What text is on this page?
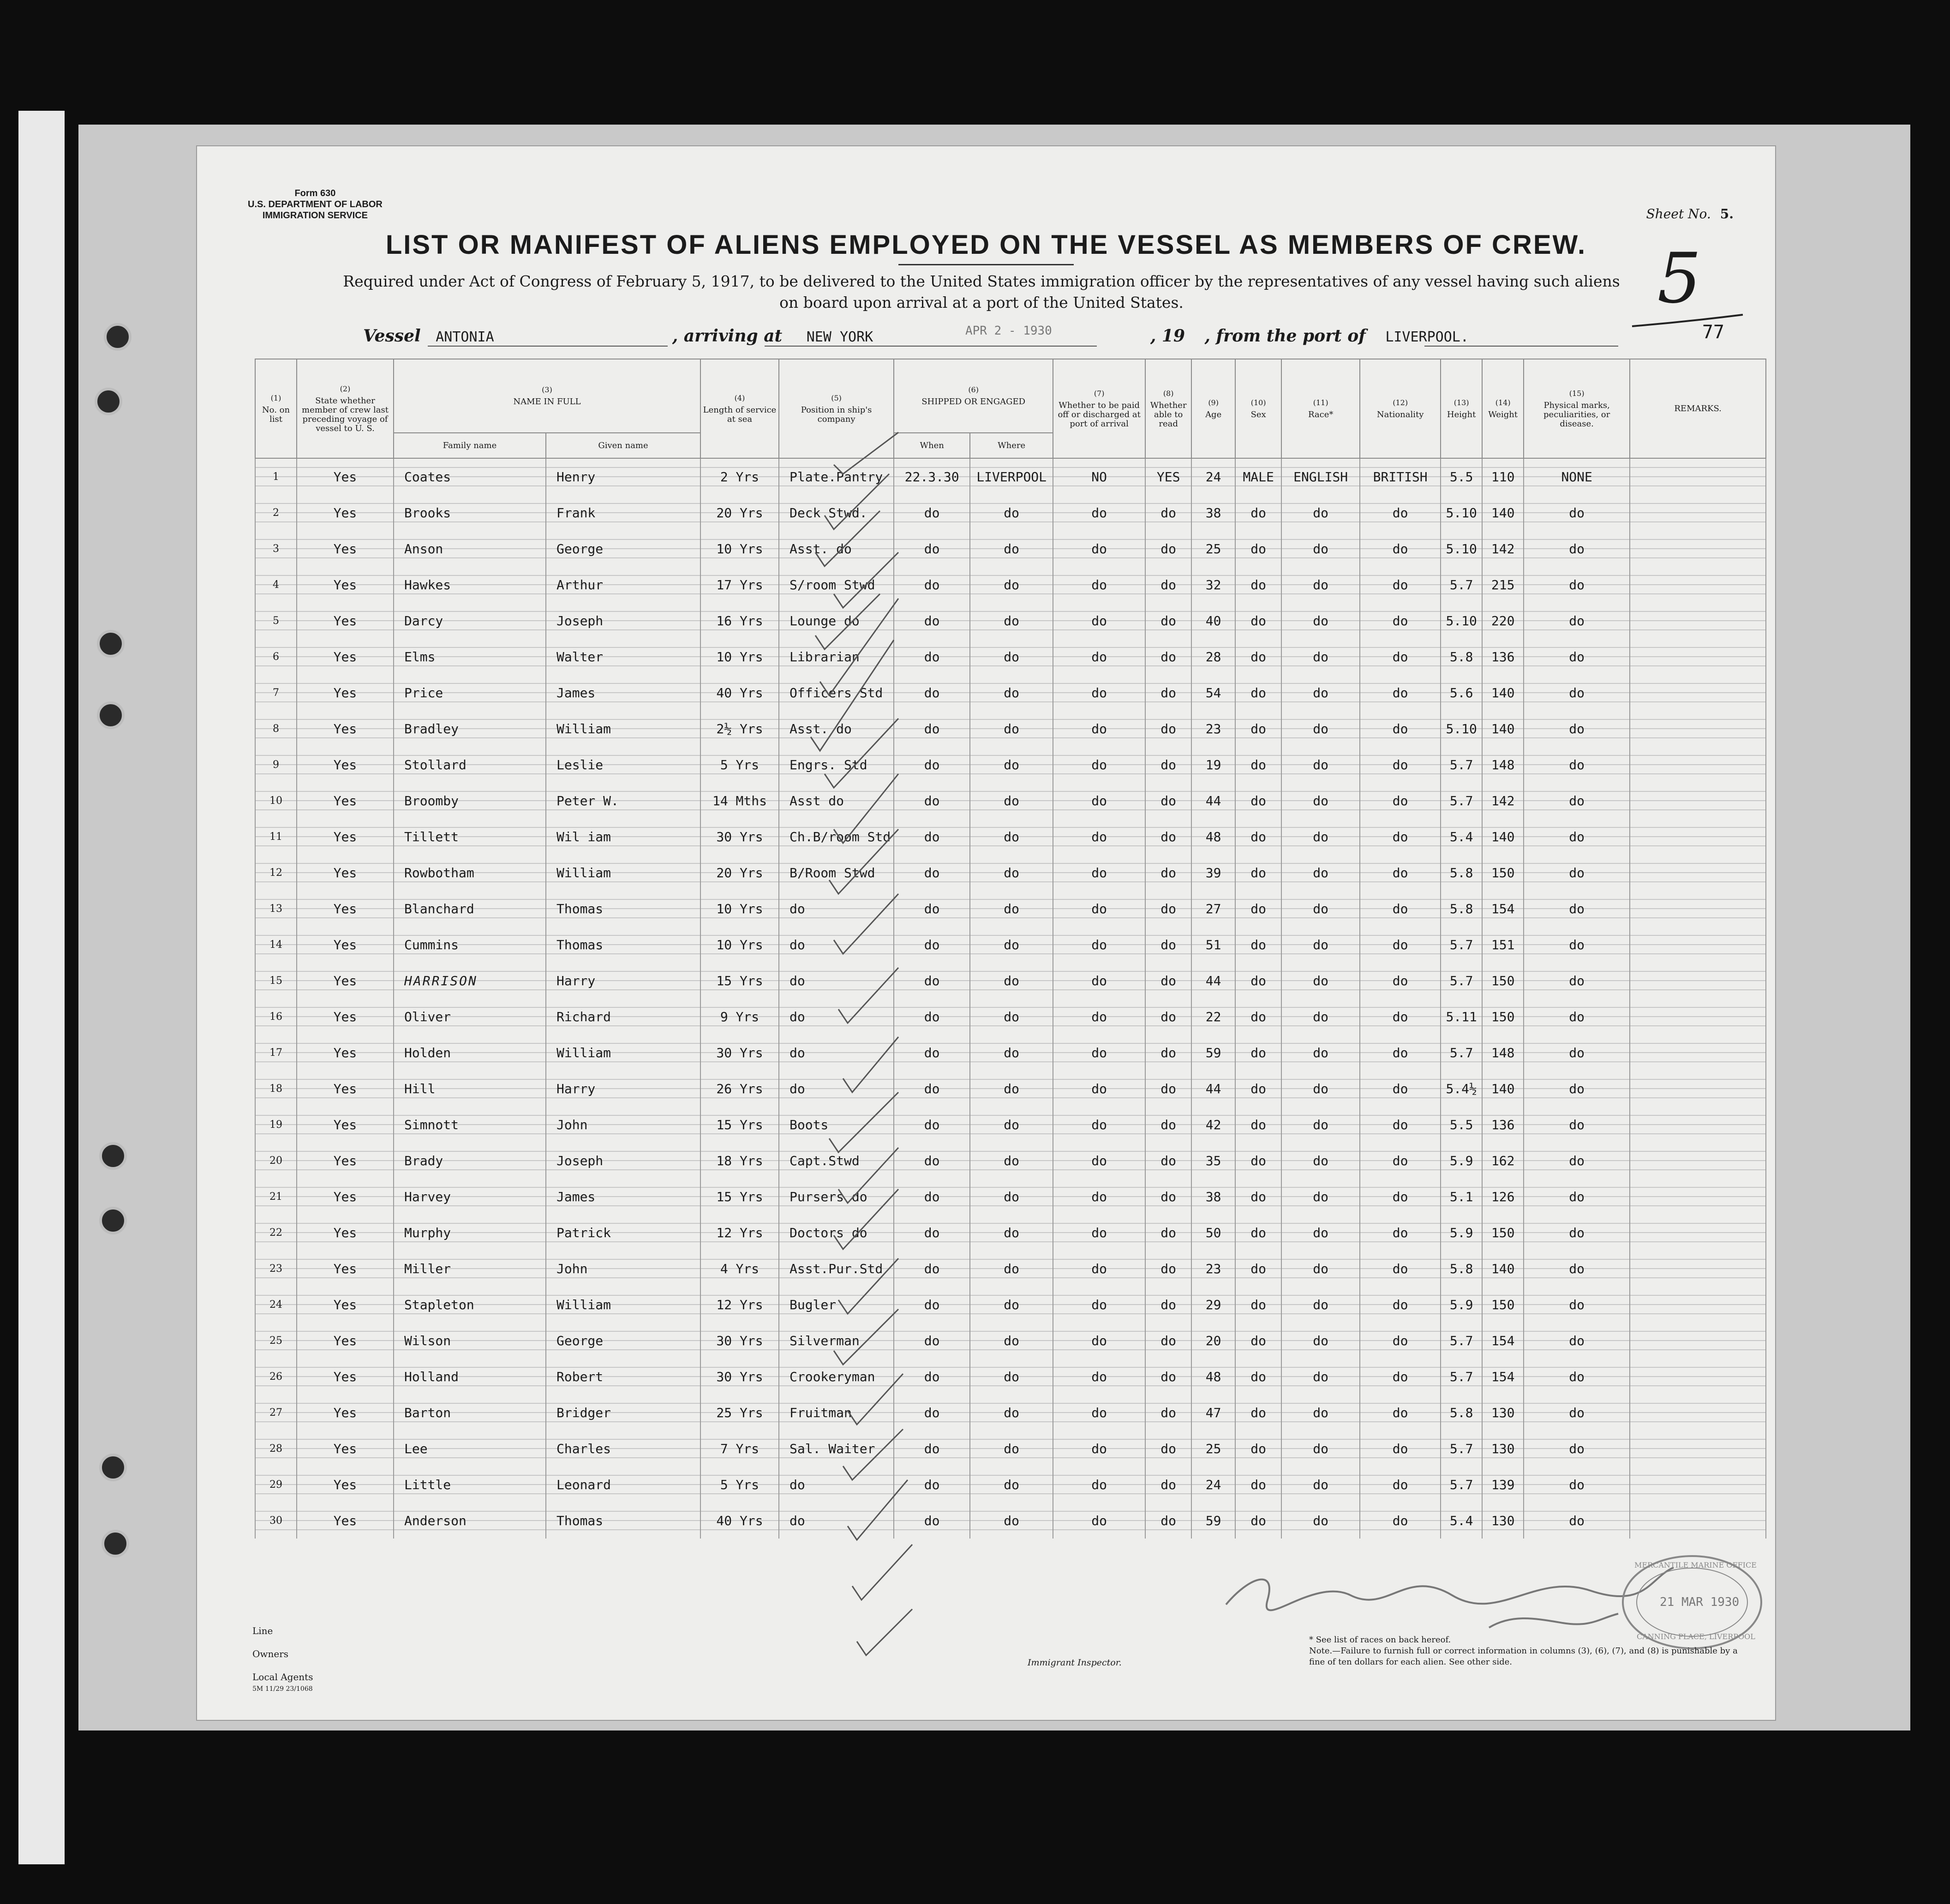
Form 630
U.S. DEPARTMENT OF LABOR
IMMIGRATION SERVICE	Sheet No. 5.
LIST OR MANIFEST OF ALIENS EMPLOYED ON THE VESSEL AS MEMBERS OF CREW.
Required under Act of Congress of February 5, 1917, to be delivered to the United States immigration officer by the representatives of any vessel having such aliens on board upon arrival at a port of the United States.	5
77
Vessel ANTONIA	, arriving at NEW YORK	, 19 , from the port of LIVERPOOL.
APR 2 - 1930
(1)
No. on list	(2)
State whether member of crew last preceding voyage of vessel to U. S.	(3)
NAME IN FULL		(4)
Length of service at sea	(5)
Position in ship's company	(6)
SHIPPED OR ENGAGED		(7)
Whether to be paid off or discharged at port of arrival	(8)
Whether able to read	(9)
Age	(10)
Sex	(11)
Race*	(12)
Nationality	(13)
Height	(14)
Weight	(15)
Physical marks, peculiarities, or disease.	REMARKS.
		Family name	Given name			When	Where										
1	Yes	Coates	Henry	2 Yrs	Plate.Pantry	22.3.30	LIVERPOOL	NO	YES	24	MALE	ENGLISH	BRITISH	5.5	110	NONE	
2	Yes	Brooks	Frank	20 Yrs	Deck Stwd.	do	do	do	do	38	do	do	do	5.10	140	do	
3	Yes	Anson	George	10 Yrs	Asst. do	do	do	do	do	25	do	do	do	5.10	142	do	
4	Yes	Hawkes	Arthur	17 Yrs	S/room Stwd	do	do	do	do	32	do	do	do	5.7	215	do	
5	Yes	Darcy	Joseph	16 Yrs	Lounge do	do	do	do	do	40	do	do	do	5.10	220	do	
6	Yes	Elms	Walter	10 Yrs	Librarian	do	do	do	do	28	do	do	do	5.8	136	do	
7	Yes	Price	James	40 Yrs	Officers Std	do	do	do	do	54	do	do	do	5.6	140	do	
8	Yes	Bradley	William	2½ Yrs	Asst. do	do	do	do	do	23	do	do	do	5.10	140	do	
9	Yes	Stollard	Leslie	5 Yrs	Engrs. Std	do	do	do	do	19	do	do	do	5.7	148	do	
10	Yes	Broomby	Peter W.	14 Mths	Asst do	do	do	do	do	44	do	do	do	5.7	142	do	
11	Yes	Tillett	Wil iam	30 Yrs	Ch.B/room Std	do	do	do	do	48	do	do	do	5.4	140	do	
12	Yes	Rowbotham	William	20 Yrs	B/Room Stwd	do	do	do	do	39	do	do	do	5.8	150	do	
13	Yes	Blanchard	Thomas	10 Yrs	do	do	do	do	do	27	do	do	do	5.8	154	do	
14	Yes	Cummins	Thomas	10 Yrs	do	do	do	do	do	51	do	do	do	5.7	151	do	
15	Yes	HARRISON	Harry	15 Yrs	do	do	do	do	do	44	do	do	do	5.7	150	do	
16	Yes	Oliver	Richard	9 Yrs	do	do	do	do	do	22	do	do	do	5.11	150	do	
17	Yes	Holden	William	30 Yrs	do	do	do	do	do	59	do	do	do	5.7	148	do	
18	Yes	Hill	Harry	26 Yrs	do	do	do	do	do	44	do	do	do	5.4½	140	do	
19	Yes	Simnott	John	15 Yrs	Boots	do	do	do	do	42	do	do	do	5.5	136	do	
20	Yes	Brady	Joseph	18 Yrs	Capt.Stwd	do	do	do	do	35	do	do	do	5.9	162	do	
21	Yes	Harvey	James	15 Yrs	Pursers do	do	do	do	do	38	do	do	do	5.1	126	do	
22	Yes	Murphy	Patrick	12 Yrs	Doctors do	do	do	do	do	50	do	do	do	5.9	150	do	
23	Yes	Miller	John	4 Yrs	Asst.Pur.Std	do	do	do	do	23	do	do	do	5.8	140	do	
24	Yes	Stapleton	William	12 Yrs	Bugler	do	do	do	do	29	do	do	do	5.9	150	do	
25	Yes	Wilson	George	30 Yrs	Silverman	do	do	do	do	20	do	do	do	5.7	154	do	
26	Yes	Holland	Robert	30 Yrs	Crookeryman	do	do	do	do	48	do	do	do	5.7	154	do	
27	Yes	Barton	Bridger	25 Yrs	Fruitman	do	do	do	do	47	do	do	do	5.8	130	do	
28	Yes	Lee	Charles	7 Yrs	Sal. Waiter	do	do	do	do	25	do	do	do	5.7	130	do	
29	Yes	Little	Leonard	5 Yrs	do	do	do	do	do	24	do	do	do	5.7	139	do	
30	Yes	Anderson	Thomas	40 Yrs	do	do	do	do	do	59	do	do	do	5.4	130	do	
MERCANTILE MARINE OFFICE
21 MAR 1930
CANNING PLACE, LIVERPOOL
Line
Owners
Local Agents
5M 11/29 23/1068
Immigrant Inspector.
* See list of races on back hereof.
Note.—Failure to furnish full or correct information in columns (3), (6), (7), and (8) is punishable by a fine of ten dollars for each alien. See other side.
